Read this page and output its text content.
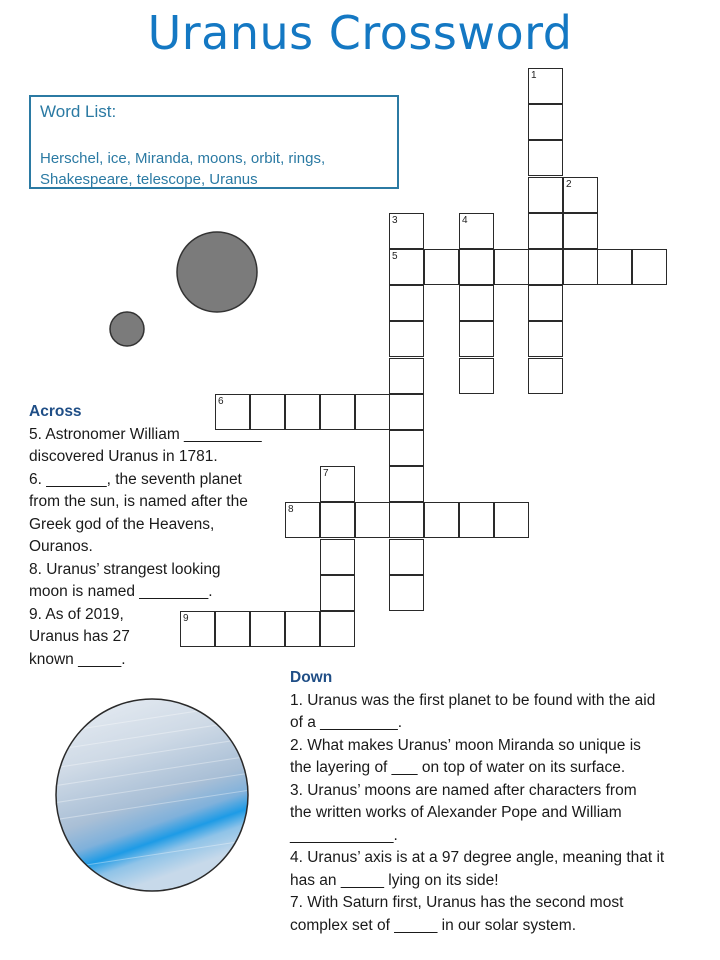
Uranus Crossword
Word List:
Herschel, ice, Miranda, moons, orbit, rings, Shakespeare, telescope, Uranus
1
2
3
5
4
6
7
8
9
Across
5. Astronomer William _________
discovered Uranus in 1781.
6. _______, the seventh planet
from the sun, is named after the
Greek god of the Heavens,
Ouranos.
8. Uranus’ strangest looking
moon is named ________.
9. As of 2019,
Uranus has 27
known _____.
Down
1. Uranus was the first planet to be found with the aid
of a _________.
2. What makes Uranus’ moon Miranda so unique is
the layering of ___ on top of water on its surface.
3. Uranus’ moons are named after characters from
the written works of Alexander Pope and William
____________.
4. Uranus’ axis is at a 97 degree angle, meaning that it
has an _____ lying on its side!
7. With Saturn first, Uranus has the second most
complex set of _____ in our solar system.
